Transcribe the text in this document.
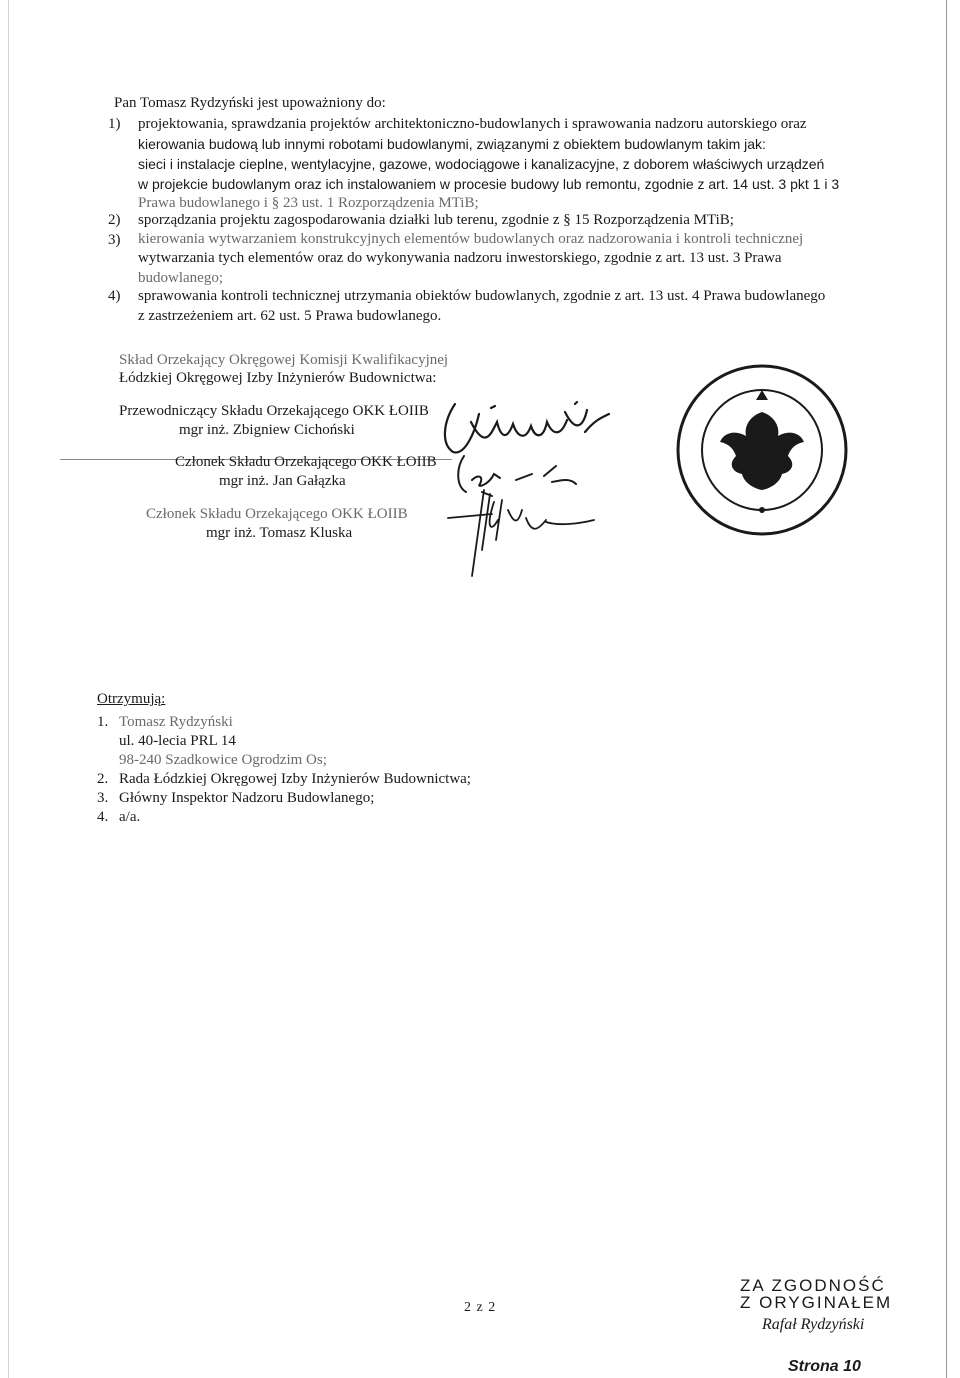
Pan Tomasz Rydzyński jest upoważniony do:
1) projektowania, sprawdzania projektów architektoniczno-budowlanych i sprawowania nadzoru autorskiego oraz
kierowania budową lub innymi robotami budowlanymi, związanymi z obiektem budowlanym takim jak:
sieci i instalacje cieplne, wentylacyjne, gazowe, wodociągowe i kanalizacyjne, z doborem właściwych urządzeń
w projekcie budowlanym oraz ich instalowaniem w procesie budowy lub remontu, zgodnie z art. 14 ust. 3 pkt 1 i 3
Prawa budowlanego i § 23 ust. 1 Rozporządzenia MTiB;
2) sporządzania projektu zagospodarowania działki lub terenu, zgodnie z § 15 Rozporządzenia MTiB;
3) kierowania wytwarzaniem konstrukcyjnych elementów budowlanych oraz nadzorowania i kontroli technicznej
wytwarzania tych elementów oraz do wykonywania nadzoru inwestorskiego, zgodnie z art. 13 ust. 3 Prawa
budowlanego;
4) sprawowania kontroli technicznej utrzymania obiektów budowlanych, zgodnie z art. 13 ust. 4 Prawa budowlanego
z zastrzeżeniem art. 62 ust. 5 Prawa budowlanego.
Skład Orzekający Okręgowej Komisji Kwalifikacyjnej
Łódzkiej Okręgowej Izby Inżynierów Budownictwa:
Przewodniczący Składu Orzekającego OKK ŁOIIB
mgr inż. Zbigniew Cichoński
Członek Składu Orzekającego OKK ŁOIIB
mgr inż. Jan Gałązka
Członek Składu Orzekającego OKK ŁOIIB
mgr inż. Tomasz Kluska
Otrzymują:
1. Tomasz Rydzyński
ul. 40-lecia PRL 14
98-240 Szadkowice Ogrodzim Os;
2. Rada Łódzkiej Okręgowej Izby Inżynierów Budownictwa;
3. Główny Inspektor Nadzoru Budowlanego;
4. a/a.
2 z 2
ZA ZGODNOŚĆ
Z ORYGINAŁEM
Rafał Rydzyński
Strona 10
